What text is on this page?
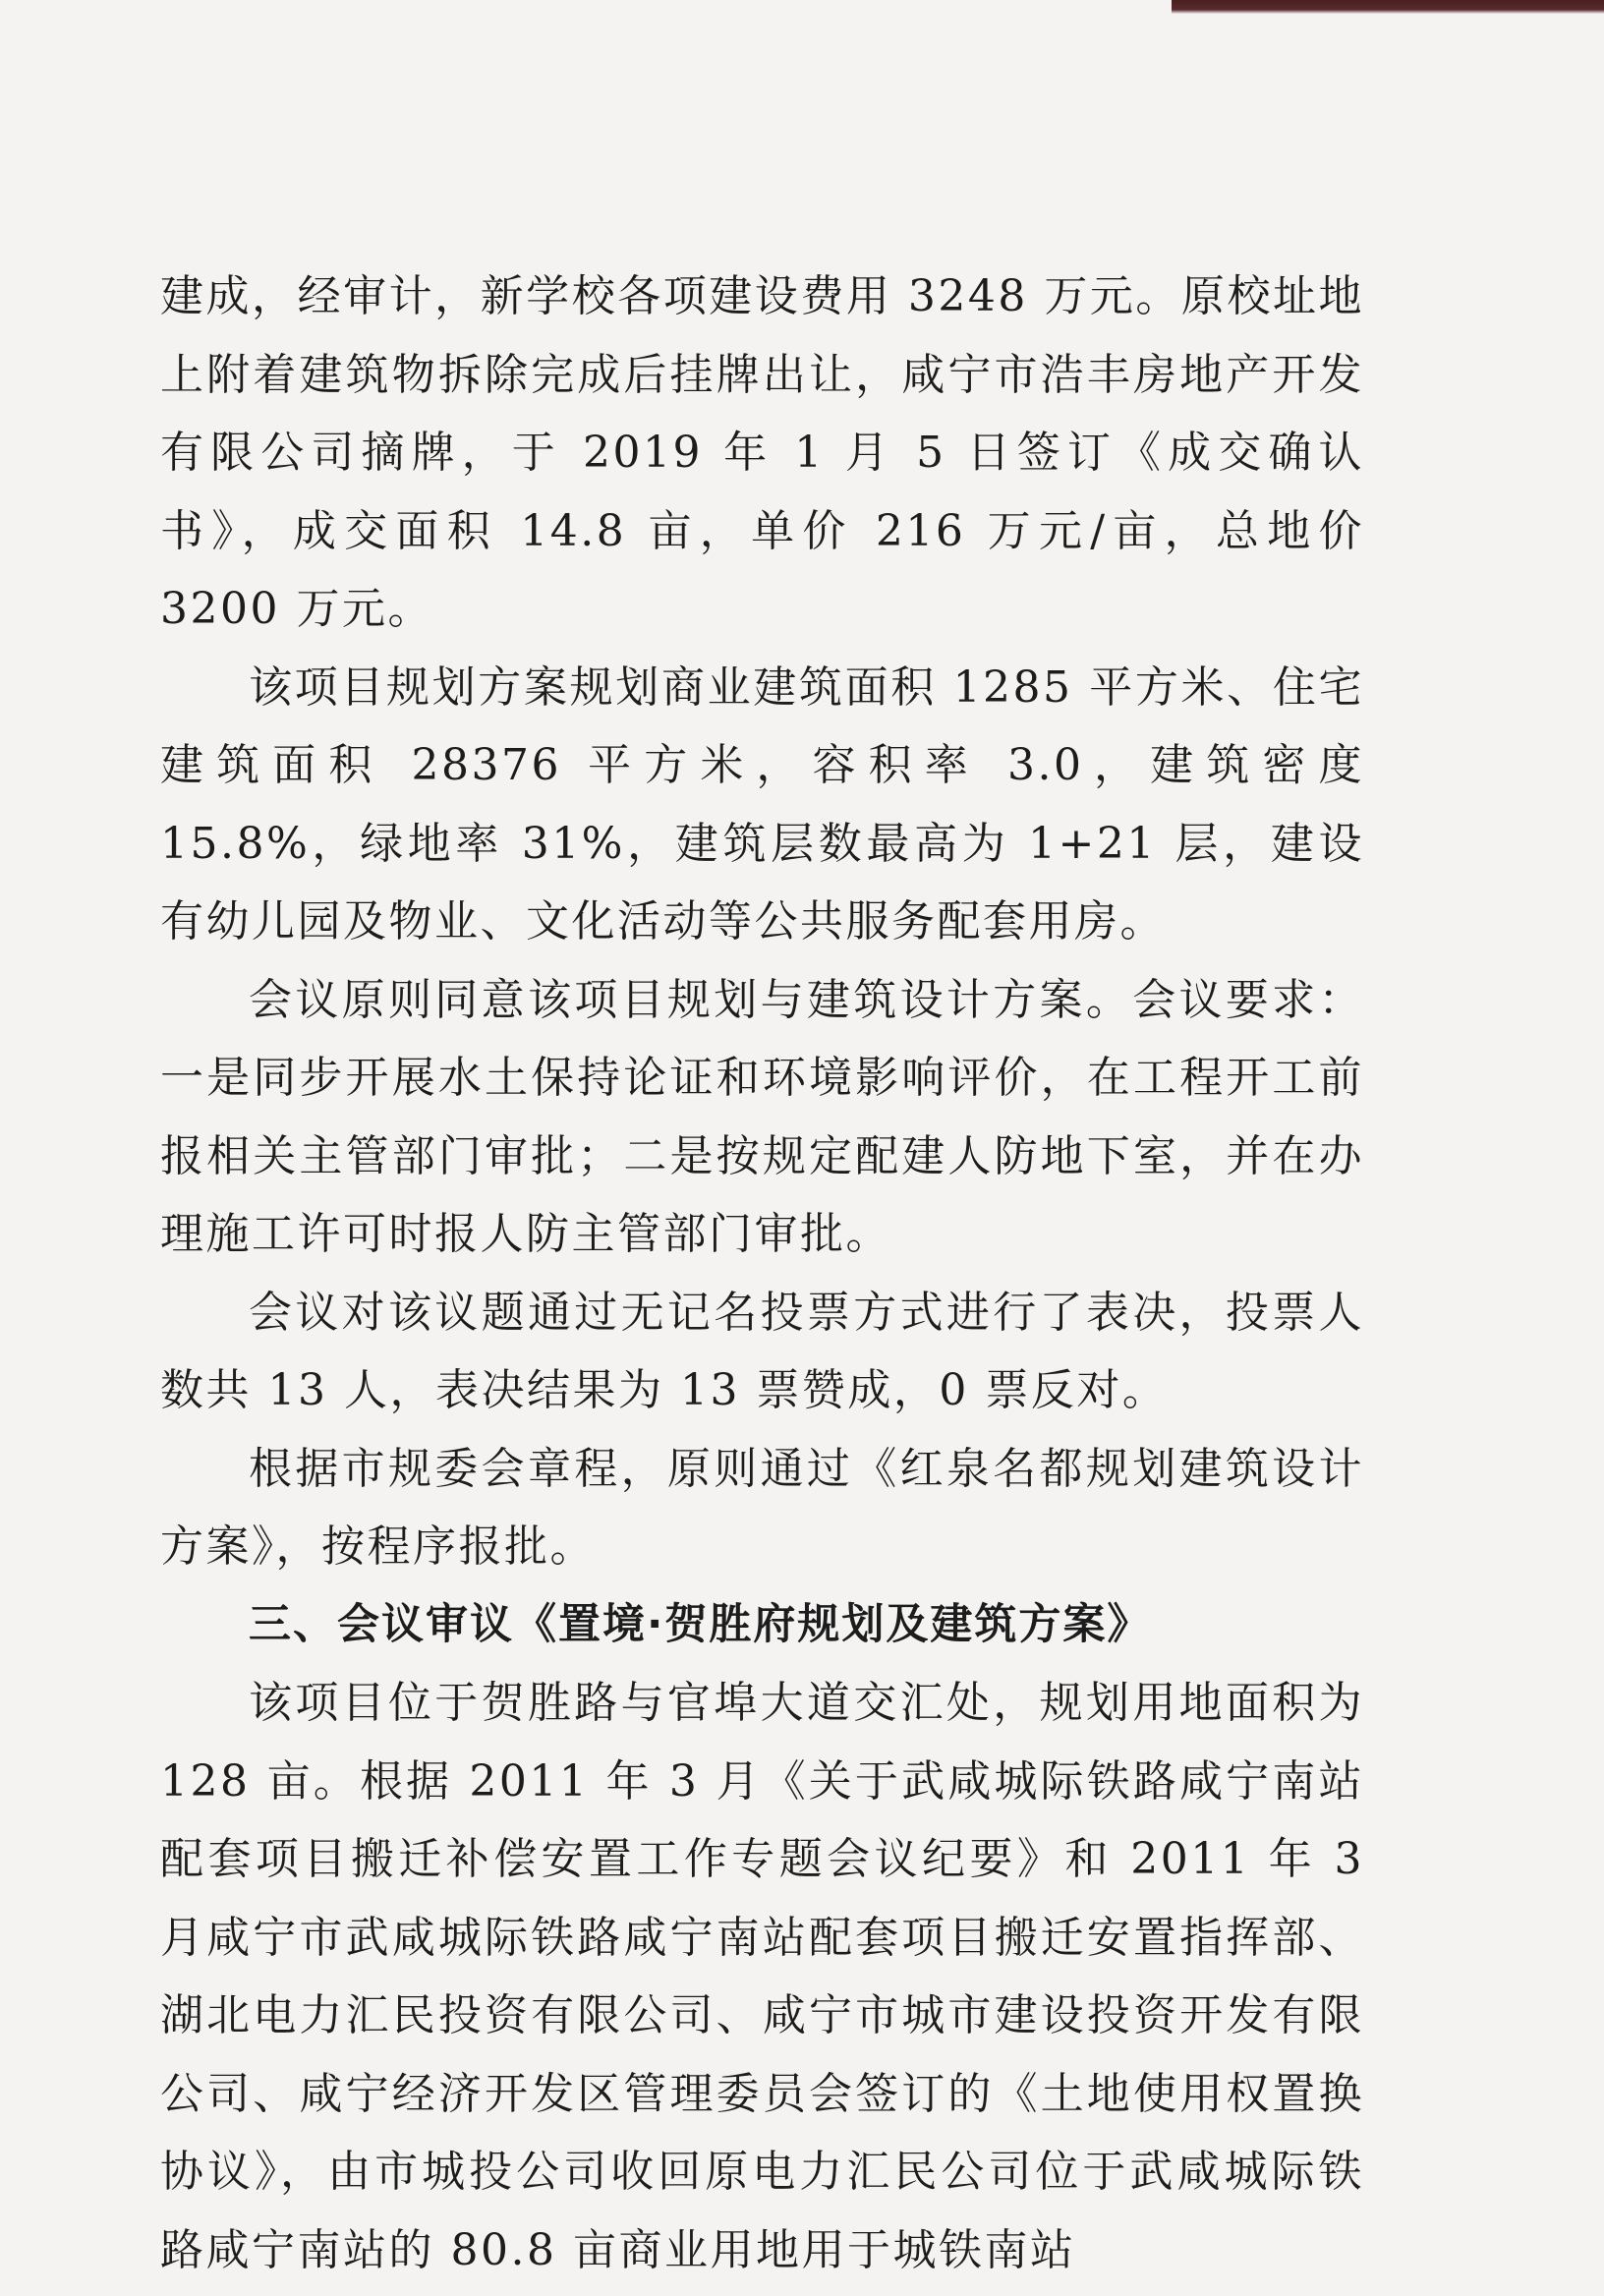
建成，经审计，新学校各项建设费用 3248 万元。原校址地上附着建筑物拆除完成后挂牌出让，咸宁市浩丰房地产开发有限公司摘牌，于 2019 年 1 月 5 日签订《成交确认书》，成交面积 14.8 亩，单价 216 万元/亩，总地价 3200 万元。

该项目规划方案规划商业建筑面积 1285 平方米、住宅建筑面积 28376 平方米，容积率 3.0，建筑密度 15.8%，绿地率 31%，建筑层数最高为 1+21 层，建设有幼儿园及物业、文化活动等公共服务配套用房。

会议原则同意该项目规划与建筑设计方案。会议要求：一是同步开展水土保持论证和环境影响评价，在工程开工前报相关主管部门审批；二是按规定配建人防地下室，并在办理施工许可时报人防主管部门审批。

会议对该议题通过无记名投票方式进行了表决，投票人数共 13 人，表决结果为 13 票赞成，0 票反对。

根据市规委会章程，原则通过《红泉名都规划建筑设计方案》，按程序报批。

三、会议审议《置境·贺胜府规划及建筑方案》

该项目位于贺胜路与官埠大道交汇处，规划用地面积为 128 亩。根据 2011 年 3 月《关于武咸城际铁路咸宁南站配套项目搬迁补偿安置工作专题会议纪要》和 2011 年 3 月咸宁市武咸城际铁路咸宁南站配套项目搬迁安置指挥部、湖北电力汇民投资有限公司、咸宁市城市建设投资开发有限公司、咸宁经济开发区管理委员会签订的《土地使用权置换协议》，由市城投公司收回原电力汇民公司位于武咸城际铁路咸宁南站的 80.8 亩商业用地用于城铁南站
